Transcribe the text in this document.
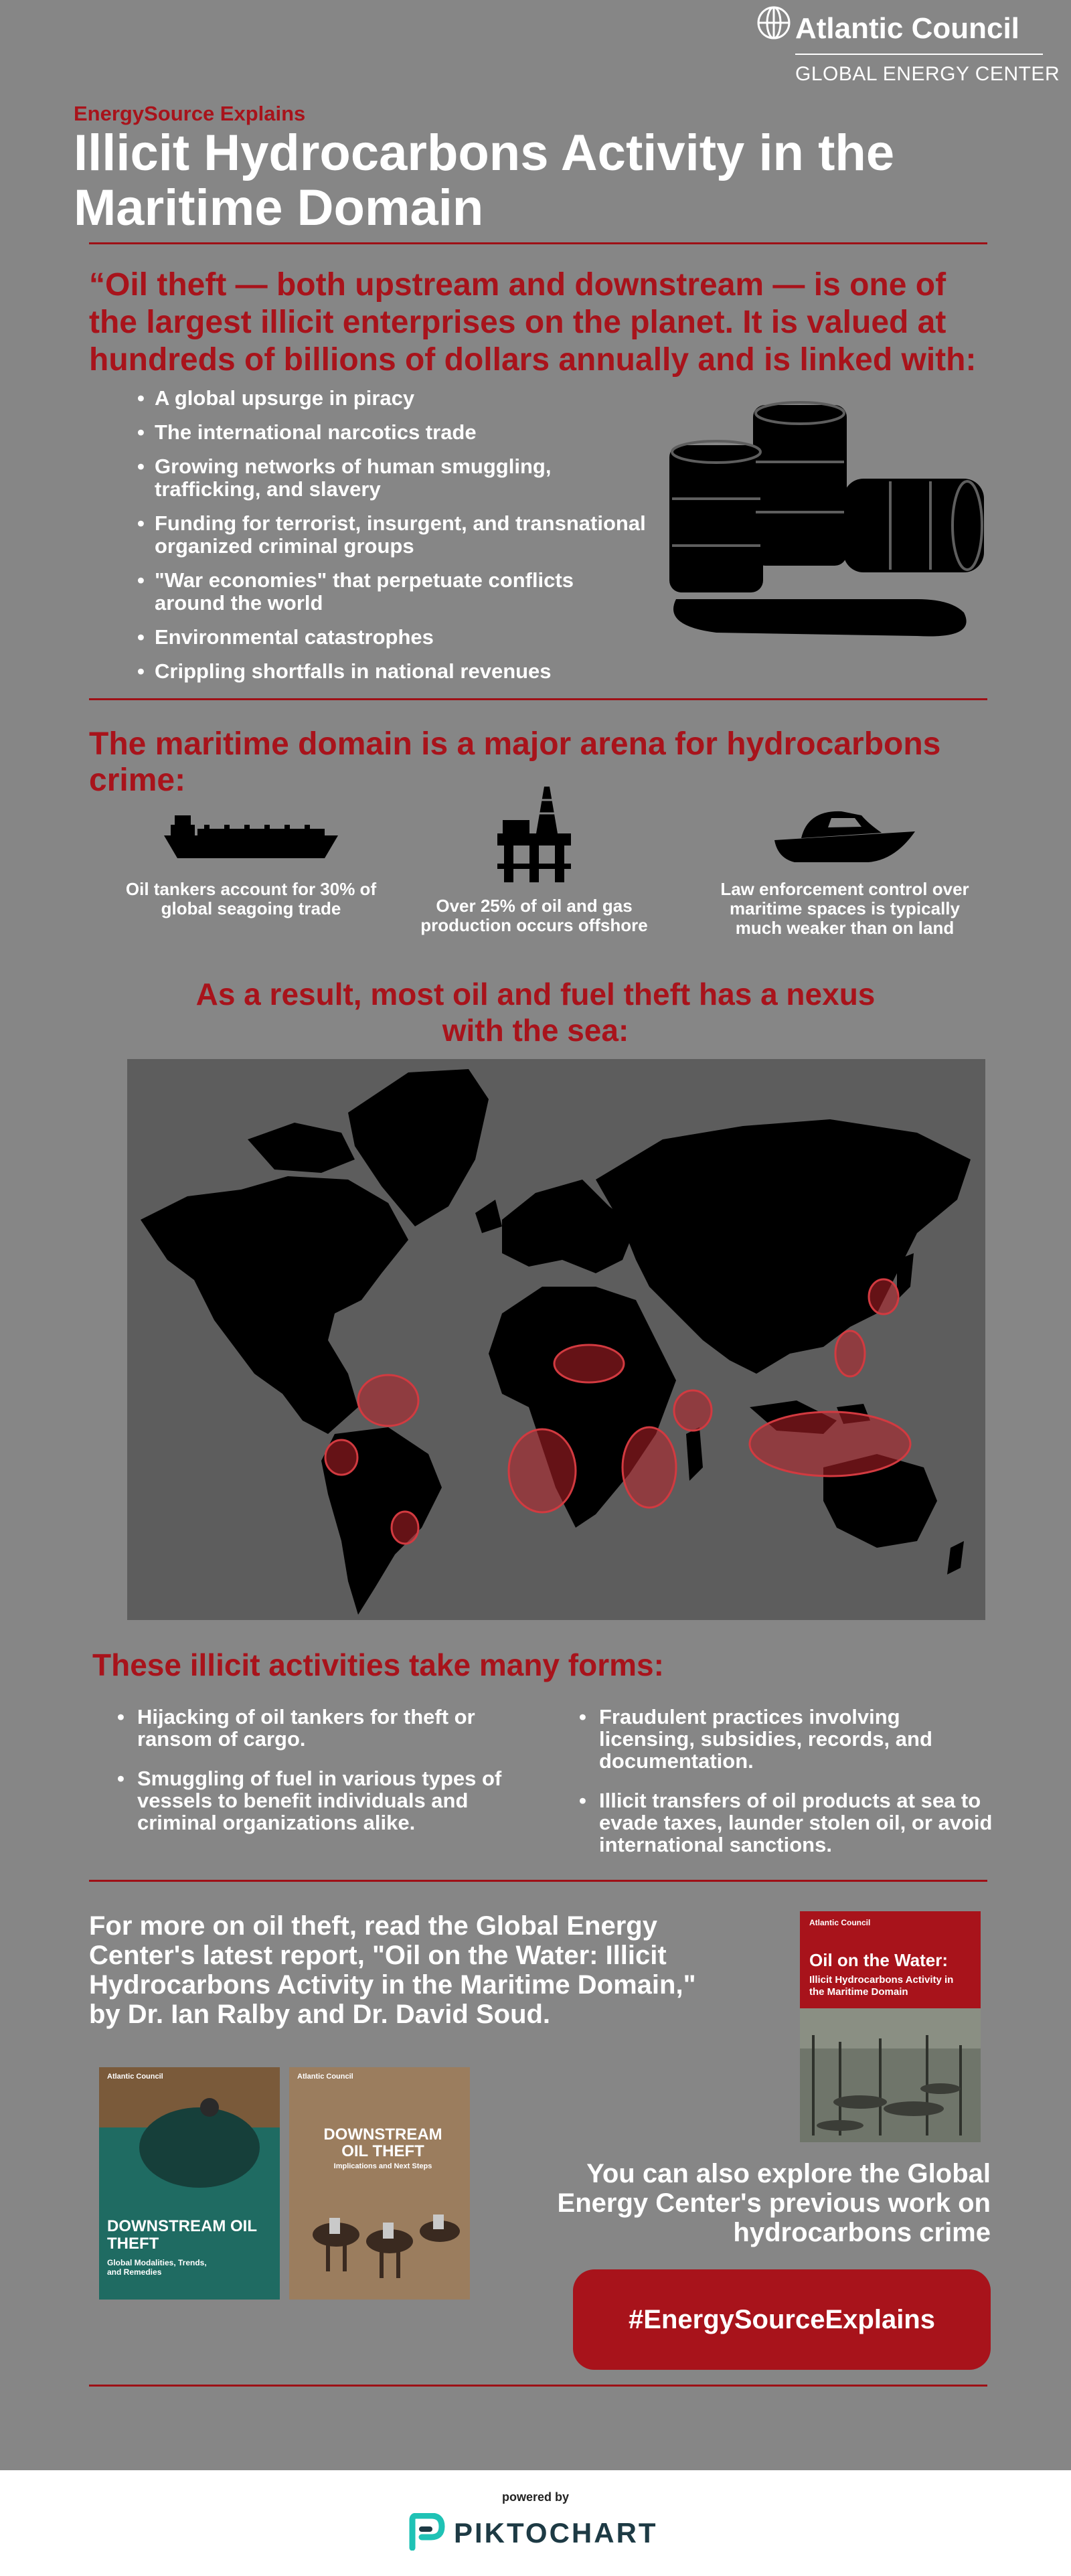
Atlantic Council
GLOBAL ENERGY CENTER
EnergySource Explains
Illicit Hydrocarbons Activity in the Maritime Domain
“Oil theft — both upstream and downstream — is one of the largest illicit enterprises on the planet. It is valued at hundreds of billions of dollars annually and is linked with:
• A global upsurge in piracy
• The international narcotics trade
• Growing networks of human smuggling, trafficking, and slavery
• Funding for terrorist, insurgent, and transnational organized criminal groups
• "War economies" that perpetuate conflicts around the world
• Environmental catastrophes
• Crippling shortfalls in national revenues
The maritime domain is a major arena for hydrocarbons crime:
Oil tankers account for 30% of global seagoing trade	Over 25% of oil and gas production occurs offshore
Law enforcement control over maritime spaces is typically much weaker than on land
As a result, most oil and fuel theft has a nexus with the sea:
These illicit activities take many forms:
• Hijacking of oil tankers for theft or ransom of cargo.
• Smuggling of fuel in various types of vessels to benefit individuals and criminal organizations alike.
• Fraudulent practices involving licensing, subsidies, records, and documentation.
• Illicit transfers of oil products at sea to evade taxes, launder stolen oil, or avoid international sanctions.
For more on oil theft, read the Global Energy Center's latest report, "Oil on the Water: Illicit Hydrocarbons Activity in the Maritime Domain," by Dr. Ian Ralby and Dr. David Soud.
Atlantic Council
Oil on the Water:
Illicit Hydrocarbons Activity in the Maritime Domain
Atlantic Council
DOWNSTREAM OIL THEFT
Global Modalities, Trends, and Remedies
Atlantic Council
DOWNSTREAM OIL THEFT
Implications and Next Steps	You can also explore the Global Energy Center's previous work on hydrocarbons crime
#EnergySourceExplains
powered by
PIKTOCHART
